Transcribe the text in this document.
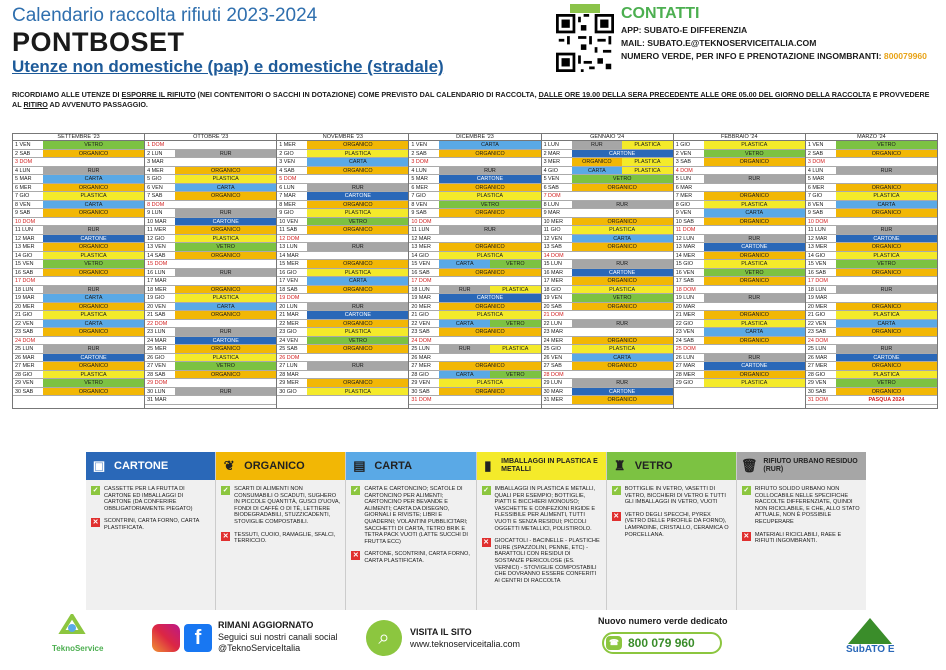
Calendario raccolta rifiuti 2023-2024
PONTBOSET
Utenze non domestiche (pap) e domestiche (stradale)
RICORDIAMO ALLE UTENZE DI ESPORRE IL RIFIUTO (NEI CONTENITORI O SACCHI IN DOTAZIONE) COME PREVISTO DAL CALENDARIO DI RACCOLTA, DALLE ORE 19.00 DELLA SERA PRECEDENTE ALLE ORE 05.00 DEL GIORNO DELLA RACCOLTA E PROVVEDERE AL RITIRO AD AVVENUTO PASSAGGIO.
CONTATTI
APP: SUBATO-E DIFFERENZIA
MAIL: SUBATO.E@TEKNOSERVICEITALIA.COM
NUMERO VERDE, PER INFO E PRENOTAZIONE INGOMBRANTI: 800079960
SETTEMBRE '23
1 VEN	VETRO
2 SAB	ORGANICO
3 DOM
4 LUN	RUR
5 MAR	CARTA
6 MER	ORGANICO
7 GIO	PLASTICA
8 VEN	CARTA
9 SAB	ORGANICO
10 DOM
11 LUN	RUR
12 MAR	CARTONE
13 MER	ORGANICO
14 GIO	PLASTICA
15 VEN	VETRO
16 SAB	ORGANICO
17 DOM
18 LUN	RUR
19 MAR	CARTA
20 MER	ORGANICO
21 GIO	PLASTICA
22 VEN	CARTA
23 SAB	ORGANICO
24 DOM
25 LUN	RUR
26 MAR	CARTONE
27 MER	ORGANICO
28 GIO	PLASTICA
29 VEN	VETRO
30 SAB	ORGANICO
OTTOBRE '23
1 DOM
2 LUN	RUR
3 MAR
4 MER	ORGANICO
5 GIO	PLASTICA
6 VEN	CARTA
7 SAB	ORGANICO
8 DOM
9 LUN	RUR
10 MAR	CARTONE
11 MER	ORGANICO
12 GIO	PLASTICA
13 VEN	VETRO
14 SAB	ORGANICO
15 DOM
16 LUN	RUR
17 MAR
18 MER	ORGANICO
19 GIO	PLASTICA
20 VEN	CARTA
21 SAB	ORGANICO
22 DOM
23 LUN	RUR
24 MAR	CARTONE
25 MER	ORGANICO
26 GIO	PLASTICA
27 VEN	VETRO
28 SAB	ORGANICO
29 DOM
30 LUN	RUR
31 MAR
NOVEMBRE '23
1 MER	ORGANICO
2 GIO	PLASTICA
3 VEN	CARTA
4 SAB	ORGANICO
5 DOM
6 LUN	RUR
7 MAR	CARTONE
8 MER	ORGANICO
9 GIO	PLASTICA
10 VEN	VETRO
11 SAB	ORGANICO
12 DOM
13 LUN	RUR
14 MAR
15 MER	ORGANICO
16 GIO	PLASTICA
17 VEN	CARTA
18 SAB	ORGANICO
19 DOM
20 LUN	RUR
21 MAR	CARTONE
22 MER	ORGANICO
23 GIO	PLASTICA
24 VEN	VETRO
25 SAB	ORGANICO
26 DOM
27 LUN	RUR
28 MAR
29 MER	ORGANICO
30 GIO	PLASTICA
DICEMBRE '23
1 VEN	CARTA
2 SAB	ORGANICO
3 DOM
4 LUN	RUR
5 MAR	CARTONE
6 MER	ORGANICO
7 GIO	PLASTICA
8 VEN	VETRO
9 SAB	ORGANICO
10 DOM
11 LUN	RUR
12 MAR
13 MER	ORGANICO
14 GIO	PLASTICA
15 VEN	CARTA	VETRO
16 SAB	ORGANICO
17 DOM
18 LUN	RUR	PLASTICA
19 MAR	CARTONE
20 MER	ORGANICO
21 GIO	PLASTICA
22 VEN	CARTA	VETRO
23 SAB	ORGANICO
24 DOM
25 LUN	RUR	PLASTICA
26 MAR
27 MER	ORGANICO
28 GIO	CARTA	VETRO
29 VEN	PLASTICA
30 SAB	ORGANICO
31 DOM
GENNAIO '24
1 LUN	RUR	PLASTICA
2 MAR	CARTONE
3 MER	ORGANICO	PLASTICA
4 GIO	CARTA	PLASTICA
5 VEN	VETRO
6 SAB	ORGANICO
7 DOM
8 LUN	RUR
9 MAR
10 MER	ORGANICO
11 GIO	PLASTICA
12 VEN	CARTA
13 SAB	ORGANICO
14 DOM
15 LUN	RUR
16 MAR	CARTONE
17 MER	ORGANICO
18 GIO	PLASTICA
19 VEN	VETRO
20 SAB	ORGANICO
21 DOM
22 LUN	RUR
23 MAR
24 MER	ORGANICO
25 GIO	PLASTICA
26 VEN	CARTA
27 SAB	ORGANICO
28 DOM
29 LUN	RUR
30 MAR	CARTONE
31 MER	ORGANICO
FEBBRAIO '24
1 GIO	PLASTICA
2 VEN	VETRO
3 SAB	ORGANICO
4 DOM
5 LUN	RUR
6 MAR
7 MER	ORGANICO
8 GIO	PLASTICA
9 VEN	CARTA
10 SAB	ORGANICO
11 DOM
12 LUN	RUR
13 MAR	CARTONE
14 MER	ORGANICO
15 GIO	PLASTICA
16 VEN	VETRO
17 SAB	ORGANICO
18 DOM
19 LUN	RUR
20 MAR
21 MER	ORGANICO
22 GIO	PLASTICA
23 VEN	CARTA
24 SAB	ORGANICO
25 DOM
26 LUN	RUR
27 MAR	CARTONE
28 MER	ORGANICO
29 GIO	PLASTICA
MARZO '24
1 VEN	VETRO
2 SAB	ORGANICO
3 DOM
4 LUN	RUR
5 MAR
6 MER	ORGANICO
7 GIO	PLASTICA
8 VEN	CARTA
9 SAB	ORGANICO
10 DOM
11 LUN	RUR
12 MAR	CARTONE
13 MER	ORGANICO
14 GIO	PLASTICA
15 VEN	VETRO
16 SAB	ORGANICO
17 DOM
18 LUN	RUR
19 MAR
20 MER	ORGANICO
21 GIO	PLASTICA
22 VEN	CARTA
23 SAB	ORGANICO
24 DOM
25 LUN	RUR
26 MAR	CARTONE
27 MER	ORGANICO
28 GIO	PLASTICA
29 VEN	VETRO
30 SAB	ORGANICO
31 DOM	PASQUA 2024
▣ CARTONE
✓ CASSETTE PER LA FRUTTA DI CARTONE ED IMBALLAGGI DI CARTONE (DA CONFERIRE OBBLIGATORIAMENTE PIEGATO)
✕ SCONTRINI, CARTA FORNO, CARTA PLASTIFICATA.
❦ ORGANICO
✓ SCARTI DI ALIMENTI NON CONSUMABILI O SCADUTI, SUGHERO IN PICCOLE QUANTITÀ, GUSCI D'UOVA, FONDI DI CAFFÈ O DI TÈ, LETTIERE BIODEGRADABILI, STUZZICADENTI, STOVIGLIE COMPOSTABILI.
✕ TESSUTI, CUOIO, RAMAGLIE, SFALCI, TERRICCIO.
▤ CARTA
✓ CARTA E CARTONCINO; SCATOLE DI CARTONCINO PER ALIMENTI; CARTONCINO PER BEVANDE E ALIMENTI; CARTA DA DISEGNO, GIORNALI E RIVISTE; LIBRI E QUADERNI; VOLANTINI PUBBLICITARI; SACCHETTI DI CARTA, TETRO BRIK E TETRA PACK VUOTI (LATTE SUCCHI DI FRUTTA ECC)
✕ CARTONE, SCONTRINI, CARTA FORNO, CARTA PLASTIFICATA.
▮	IMBALLAGGI IN PLASTICA E METALLI
✓ IMBALLAGGI IN PLASTICA E METALLI, QUALI PER ESEMPIO; BOTTIGLIE, PIATTI E BICCHIERI MONOUSO; VASCHETTE E CONFEZIONI RIGIDE E FLESSIBILE PER ALIMENTI, TUTTI VUOTI E SENZA RESIDUI; PICCOLI OGGETTI METALLICI, POLISTIROLO.
✕ GIOCATTOLI - BACINELLE - PLASTICHE DURE (SPAZZOLINI, PENNE, ETC) - BARATTOLI CON RESIDUI DI SOSTANZE PERICOLOSE (ES. VERNICI) - STOVIGLIE COMPOSTABILI CHE DOVRANNO ESSERE CONFERITI AI CENTRI DI RACCOLTA
♜ VETRO
✓ BOTTIGLIE IN VETRO, VASETTI DI VETRO, BICCHIERI DI VETRO E TUTTI GLI IMBALLAGGI IN VETRO, VUOTI
✕ VETRO DEGLI SPECCHI, PYREX (VETRO DELLE PIROFILE DA FORNO), LAMPADINE, CRISTALLO, CERAMICA O PORCELLANA.
🗑 RIFIUTO URBANO RESIDUO (RUR)
✓ RIFIUTO SOLIDO URBANO NON COLLOCABILE NELLE SPECIFICHE RACCOLTE DIFFERENZIATE, QUINDI NON RICICLABILE, E CHE, ALLO STATO ATTUALE, NON È POSSIBILE RECUPERARE
✕ MATERIALI RICICLABILI, RAEE E RIFIUTI INGOMBRANTI.
TeknoService	f
RIMANI AGGIORNATO
Seguici sui nostri canali social
@TeknoServiceItalia	⌕	VISITA IL SITO
www.teknoserviceitalia.com
Nuovo numero verde dedicato
☎ 800 079 960	SubATO E
